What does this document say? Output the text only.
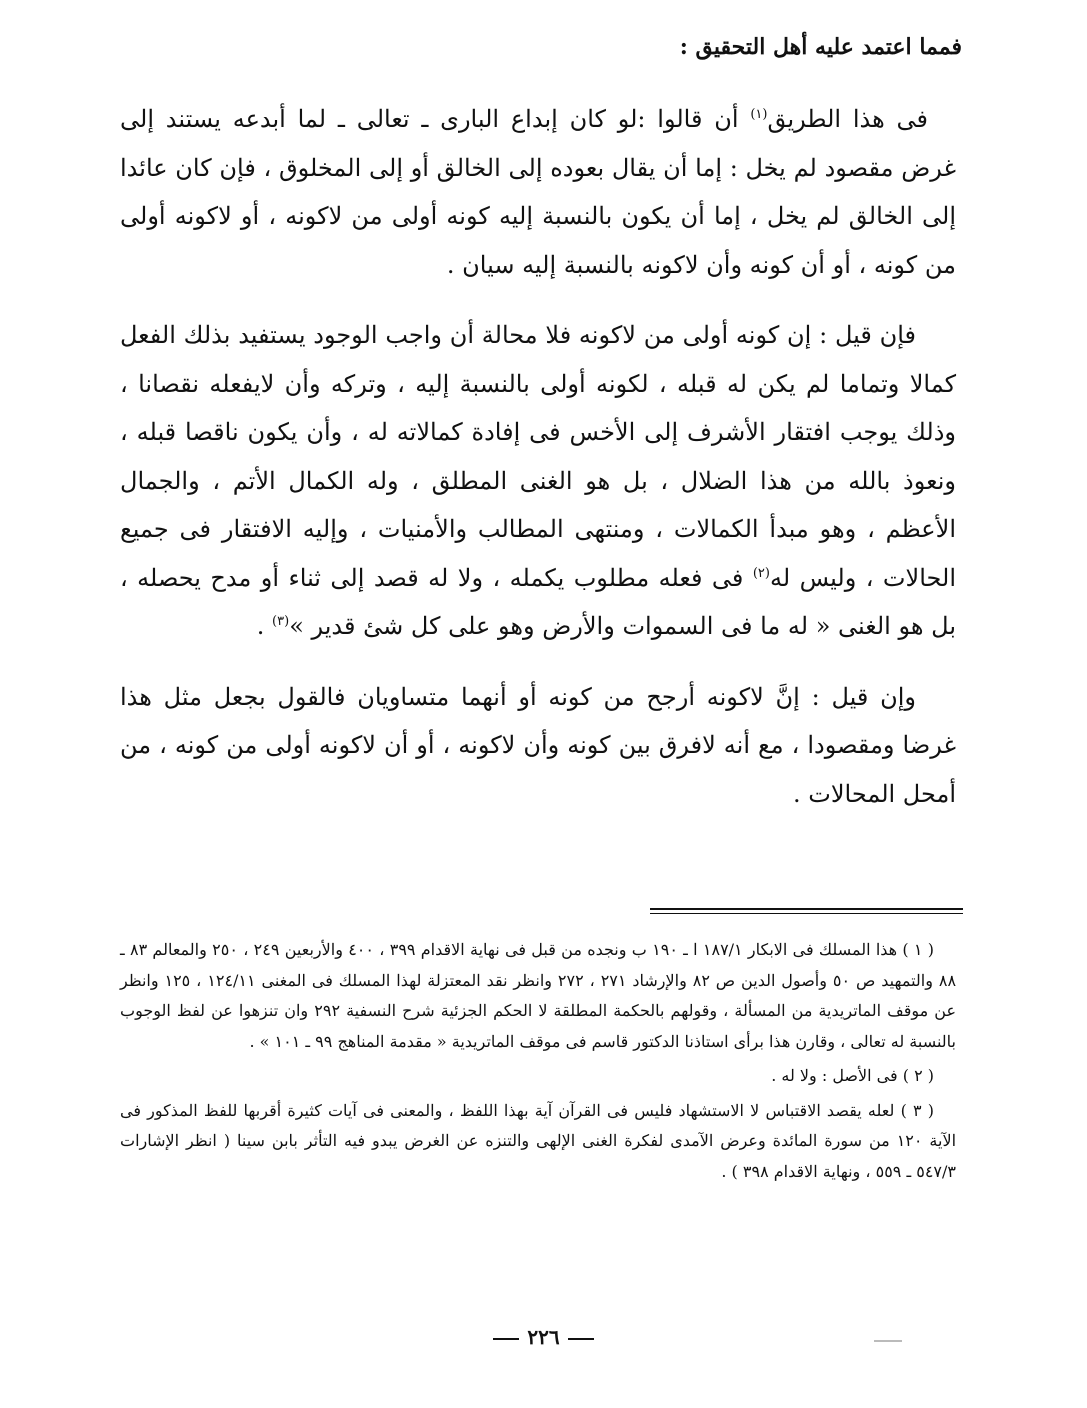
فمما اعتمد عليه أهل التحقيق :

فى هذا الطريق$^{(١)}$ أن قالوا :لو كان إبداع البارى ـ تعالى ـ لما أبدعه يستند إلى غرض مقصود لم يخل : إما أن يقال بعوده إلى الخالق أو إلى المخلوق ، فإن كان عائدا إلى الخالق لم يخل ، إما أن يكون بالنسبة إليه كونه أولى من لاكونه ، أو لاكونه أولى من كونه ، أو أن كونه وأن لاكونه بالنسبة إليه سيان .

فإن قيل : إن كونه أولى من لاكونه فلا محالة أن واجب الوجود يستفيد بذلك الفعل كمالا وتماما لم يكن له قبله ، لكونه أولى بالنسبة إليه ، وتركه وأن لايفعله نقصانا ، وذلك يوجب افتقار الأشرف إلى الأخس فى إفادة كمالاته له ، وأن يكون ناقصا قبله ، ونعوذ بالله من هذا الضلال ، بل هو الغنى المطلق ، وله الكمال الأتم ، والجمال الأعظم ، وهو مبدأ الكمالات ، ومنتهى المطالب والأمنيات ، وإليه الافتقار فى جميع الحالات ، وليس له$^{(٢)}$ فى فعله مطلوب يكمله ، ولا له قصد إلى ثناء أو مدح يحصله ، بل هو الغنى « له ما فى السموات والأرض وهو على كل شئ قدير »$^{(٣)}$ .

وإن قيل : إنَّ لاكونه أرجح من كونه أو أنهما متساويان فالقول بجعل مثل هذا غرضا ومقصودا ، مع أنه لافرق بين كونه وأن لاكونه ، أو أن لاكونه أولى من كونه ، من أمحل المحالات .

( ١ ) هذا المسلك فى الابكار ١٨٧/١ ا ـ ١٩٠ ب ونجده من قبل فى نهاية الاقدام ٣٩٩ ، ٤٠٠ والأربعين ٢٤٩ ، ٢٥٠ والمعالم ٨٣ ـ ٨٨ والتمهيد ص ٥٠ وأصول الدين ص ٨٢ والإرشاد ٢٧١ ، ٢٧٢ وانظر نقد المعتزلة لهذا المسلك فى المغنى ١٢٤/١١ ، ١٢٥ وانظر عن موقف الماتريدية من المسألة ، وقولهم بالحكمة المطلقة لا الحكم الجزئية شرح النسفية ٢٩٢ وان تنزهوا عن لفظ الوجوب بالنسبة له تعالى ، وقارن هذا برأى استاذنا الدكتور قاسم فى موقف الماتريدية « مقدمة المناهج ٩٩ ـ ١٠١ » .

( ٢ ) فى الأصل : ولا له .

( ٣ ) لعله يقصد الاقتباس لا الاستشهاد فليس فى القرآن آية بهذا اللفظ ، والمعنى فى آيات كثيرة أقربها للفظ المذكور فى الآية ١٢٠ من سورة المائدة وعرض الآمدى لفكرة الغنى الإلهى والتنزه عن الغرض يبدو فيه التأثر بابن سينا ( انظر الإشارات ٥٤٧/٣ ـ ٥٥٩ ، ونهاية الاقدام ٣٩٨ ) .

٢٢٦
